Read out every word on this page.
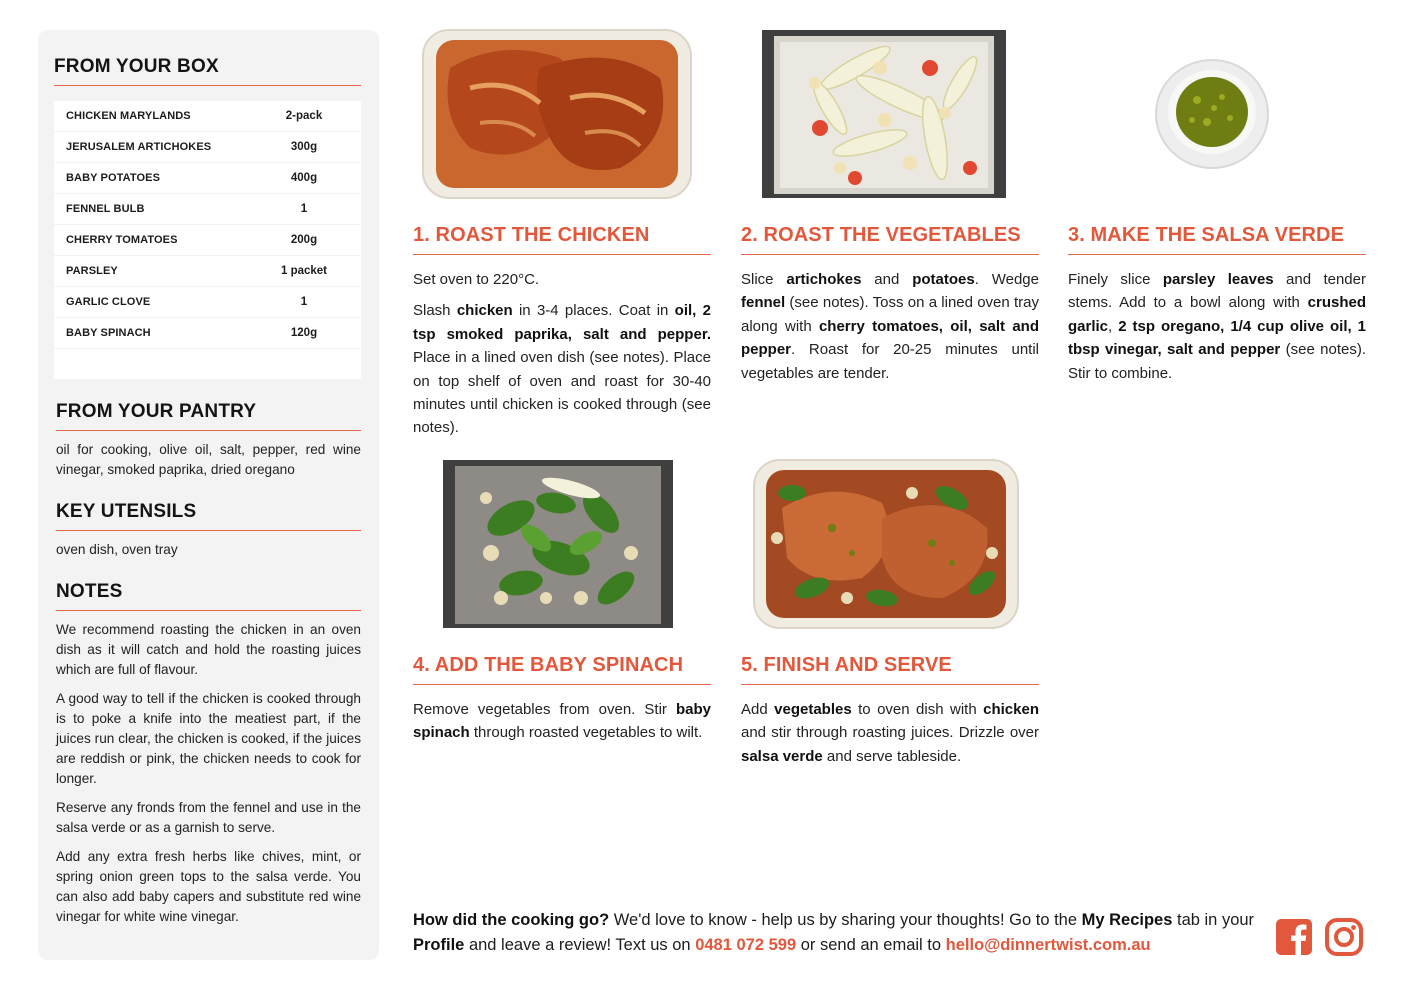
FROM YOUR BOX
CHICKEN MARYLANDS	2-pack
JERUSALEM ARTICHOKES	300g
BABY POTATOES	400g
FENNEL BULB	1
CHERRY TOMATOES	200g
PARSLEY	1 packet
GARLIC CLOVE	1
BABY SPINACH	120g
FROM YOUR PANTRY
oil for cooking, olive oil, salt, pepper, red wine vinegar, smoked paprika, dried oregano
KEY UTENSILS
oven dish, oven tray
NOTES
We recommend roasting the chicken in an oven dish as it will catch and hold the roasting juices which are full of flavour.
A good way to tell if the chicken is cooked through is to poke a knife into the meatiest part, if the juices run clear, the chicken is cooked, if the juices are reddish or pink, the chicken needs to cook for longer.
Reserve any fronds from the fennel and use in the salsa verde or as a garnish to serve.
Add any extra fresh herbs like chives, mint, or spring onion green tops to the salsa verde. You can also add baby capers and substitute red wine vinegar for white wine vinegar.
1. ROAST THE CHICKEN

Set oven to 220°C.

Slash chicken in 3-4 places. Coat in oil, 2 tsp smoked paprika, salt and pepper. Place in a lined oven dish (see notes). Place on top shelf of oven and roast for 30-40 minutes until chicken is cooked through (see notes).

2. ROAST THE VEGETABLES

Slice artichokes and potatoes. Wedge fennel (see notes). Toss on a lined oven tray along with cherry tomatoes, oil, salt and pepper. Roast for 20-25 minutes until vegetables are tender.

3. MAKE THE SALSA VERDE

Finely slice parsley leaves and tender stems. Add to a bowl along with crushed garlic, 2 tsp oregano, 1/4 cup olive oil, 1 tbsp vinegar, salt and pepper (see notes). Stir to combine.

4. ADD THE BABY SPINACH

Remove vegetables from oven. Stir baby spinach through roasted vegetables to wilt.

5. FINISH AND SERVE

Add vegetables to oven dish with chicken and stir through roasting juices. Drizzle over salsa verde and serve tableside.

How did the cooking go? We'd love to know - help us by sharing your thoughts! Go to the My Recipes tab in your Profile and leave a review! Text us on 0481 072 599 or send an email to hello@dinnertwist.com.au
